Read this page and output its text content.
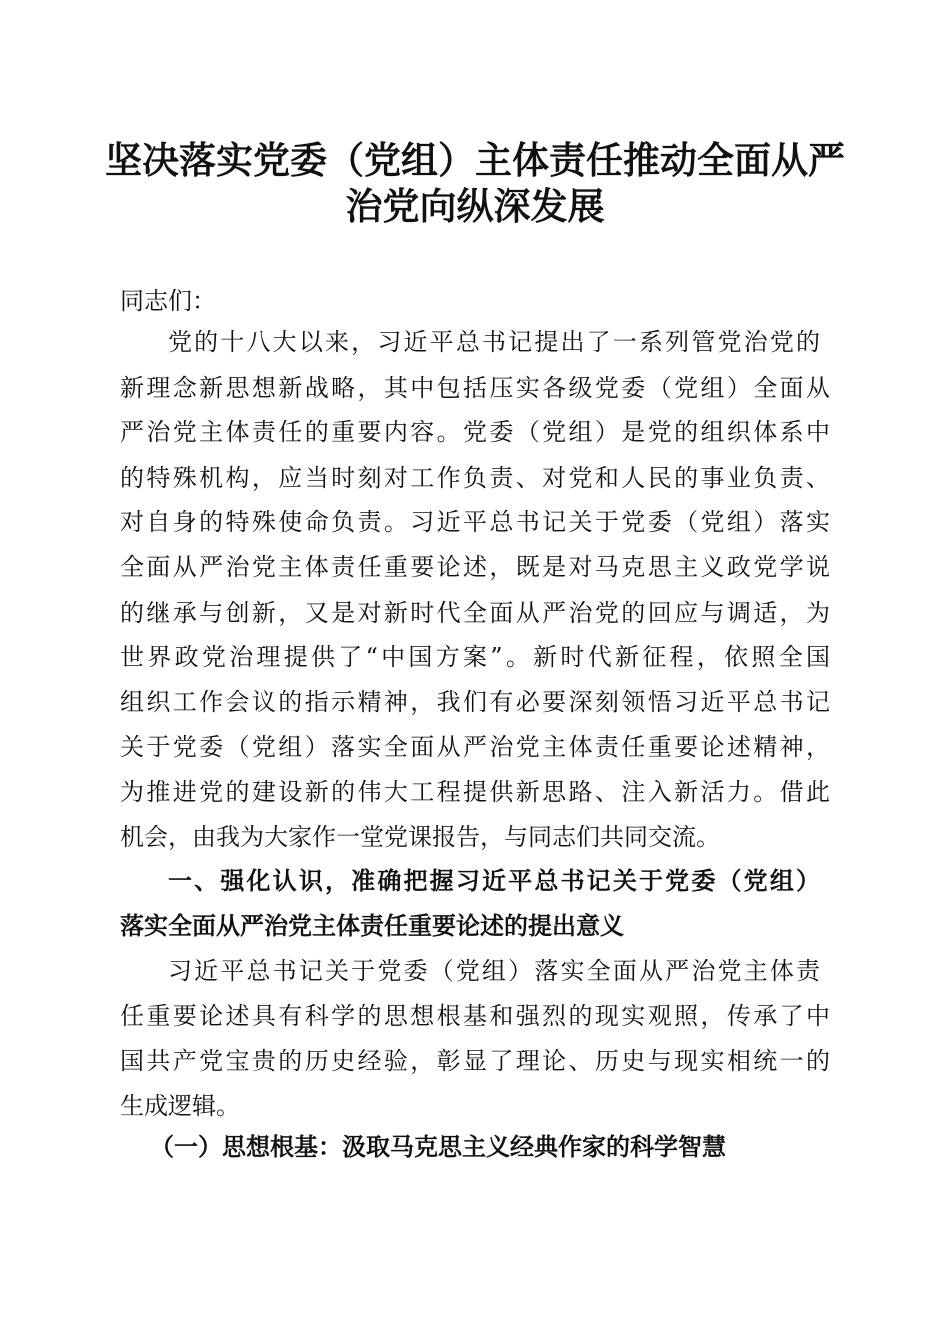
坚决落实党委（党组）主体责任推动全面从严
治党向纵深发展

同志们：

党的十八大以来，习近平总书记提出了一系列管党治党的

新理念新思想新战略，其中包括压实各级党委（党组）全面从

严治党主体责任的重要内容。党委（党组）是党的组织体系中

的特殊机构，应当时刻对工作负责、对党和人民的事业负责、

对自身的特殊使命负责。习近平总书记关于党委（党组）落实

全面从严治党主体责任重要论述，既是对马克思主义政党学说

的继承与创新，又是对新时代全面从严治党的回应与调适，为

世界政党治理提供了“中国方案”。新时代新征程，依照全国

组织工作会议的指示精神，我们有必要深刻领悟习近平总书记

关于党委（党组）落实全面从严治党主体责任重要论述精神，

为推进党的建设新的伟大工程提供新思路、注入新活力。借此

机会，由我为大家作一堂党课报告，与同志们共同交流。

一、强化认识，准确把握习近平总书记关于党委（党组）

落实全面从严治党主体责任重要论述的提出意义

习近平总书记关于党委（党组）落实全面从严治党主体责

任重要论述具有科学的思想根基和强烈的现实观照，传承了中

国共产党宝贵的历史经验，彰显了理论、历史与现实相统一的

生成逻辑。

（一）思想根基：汲取马克思主义经典作家的科学智慧
